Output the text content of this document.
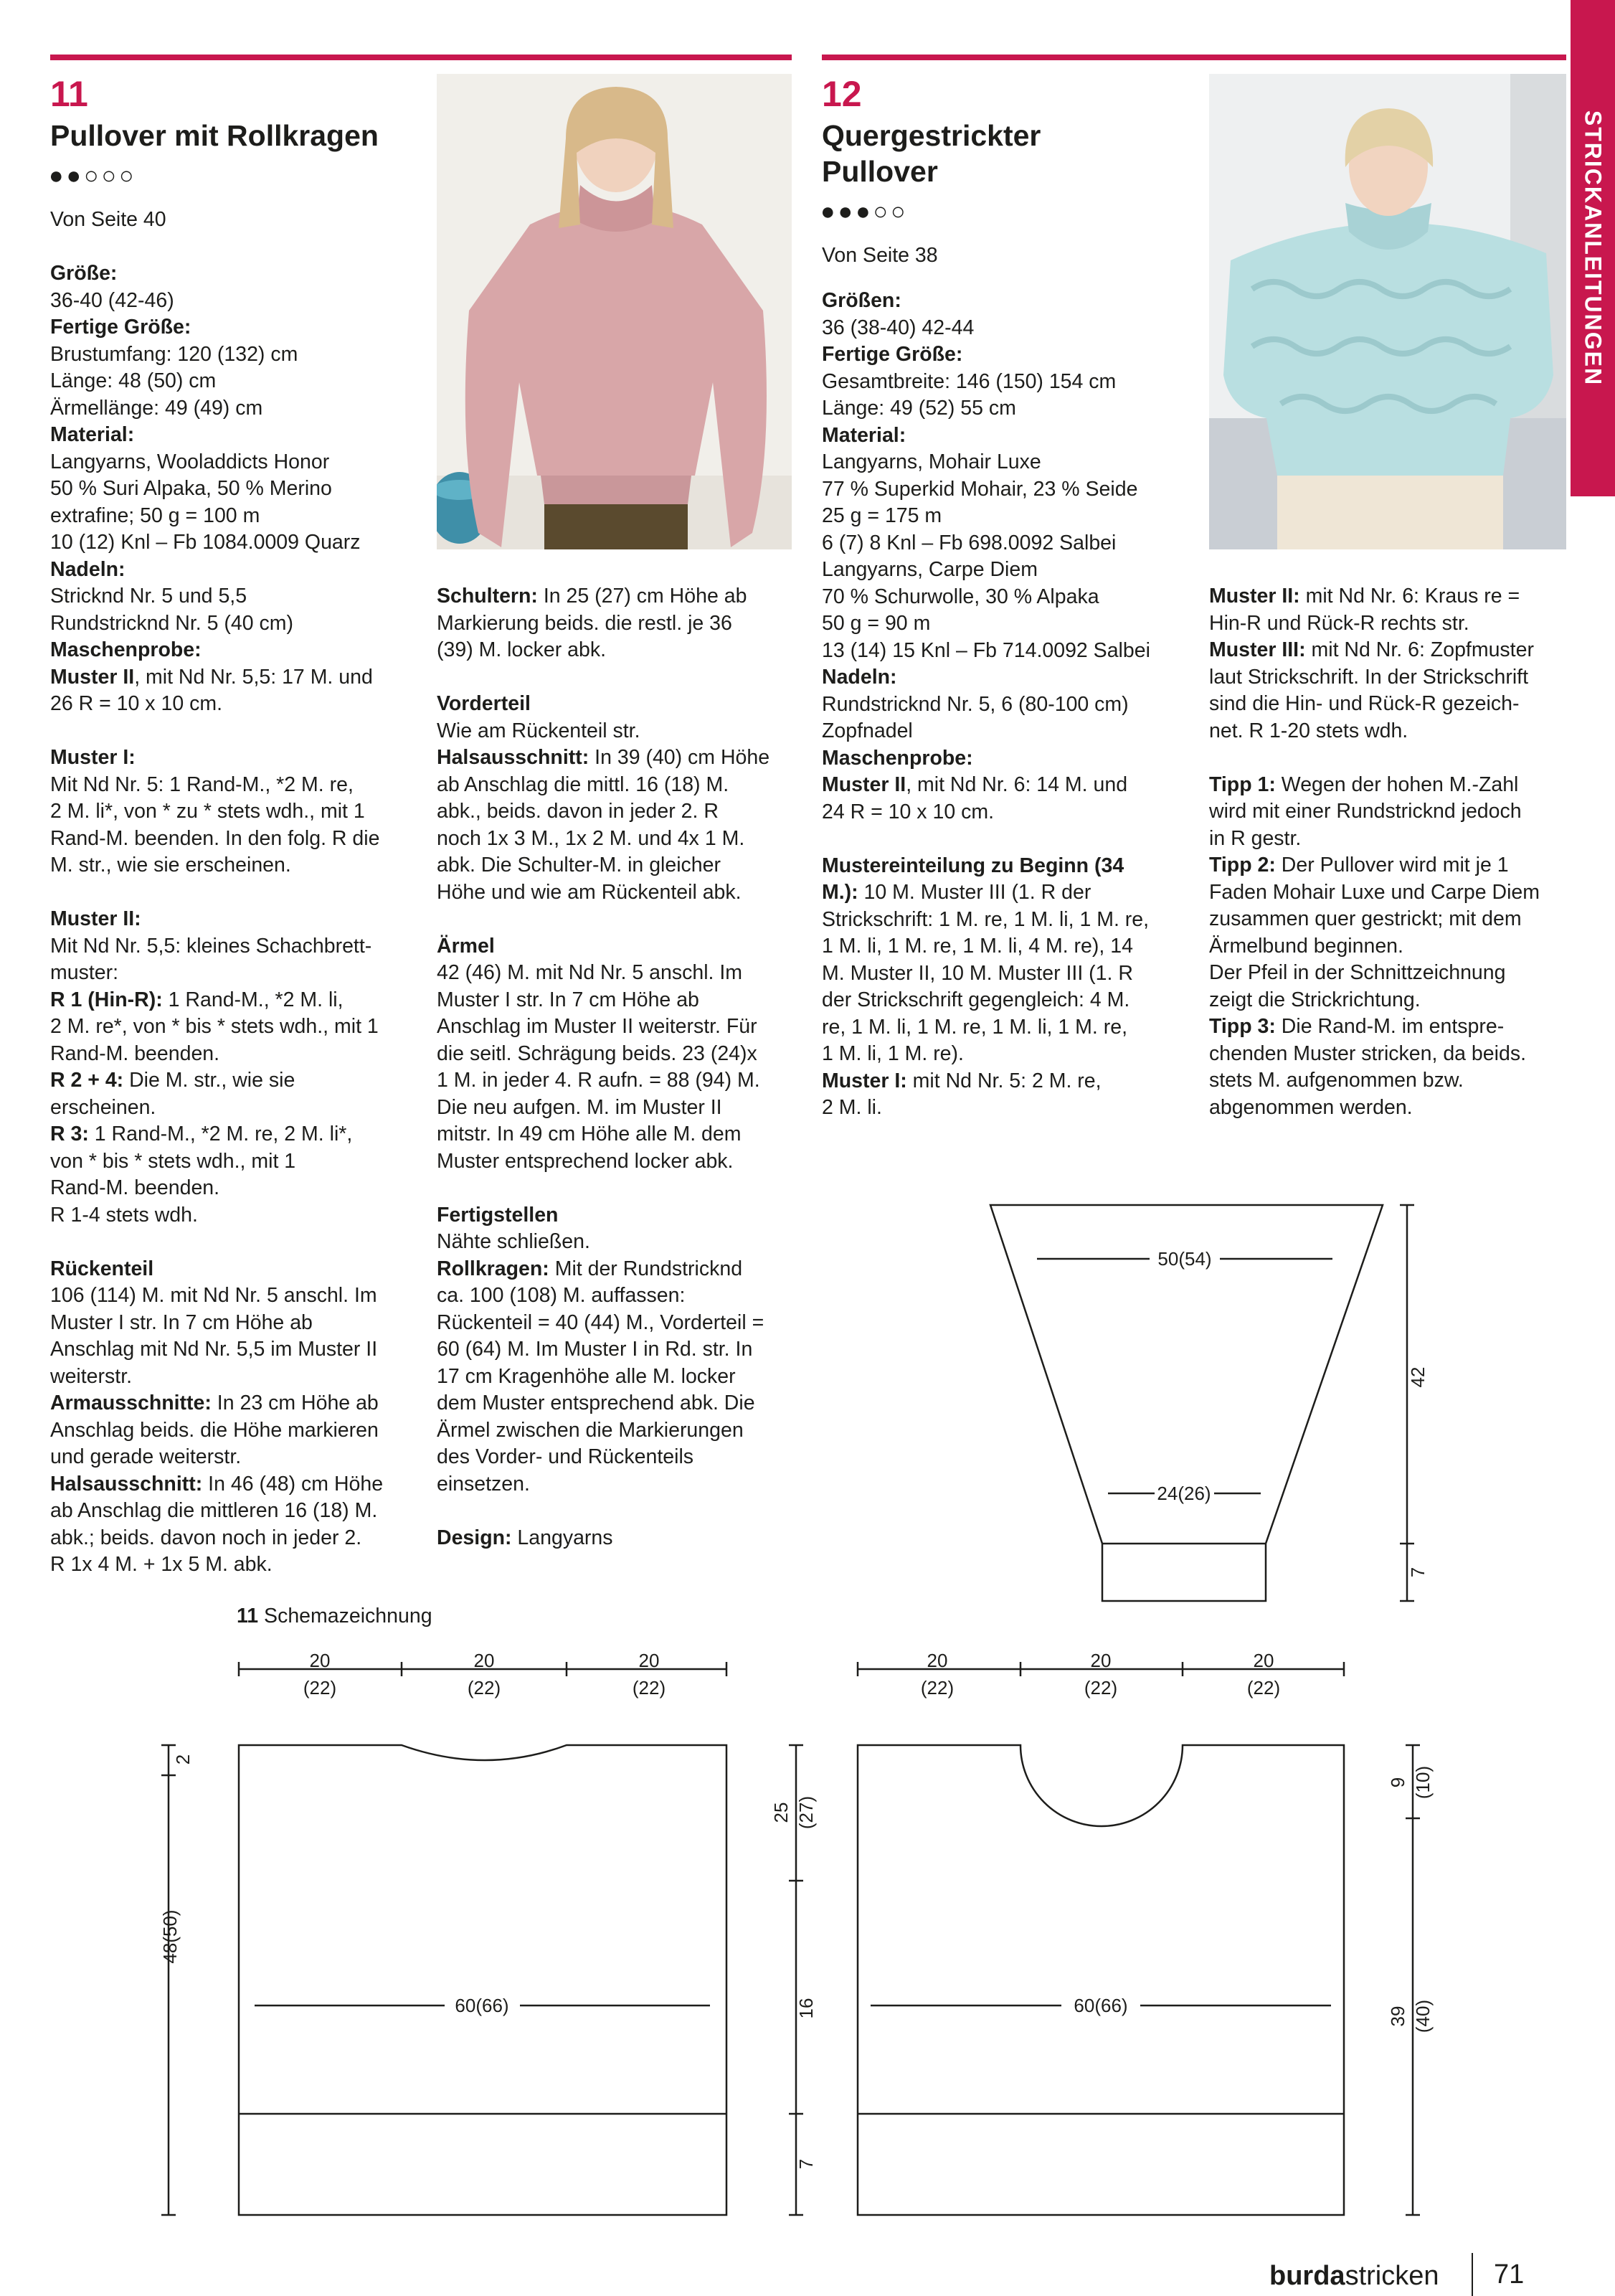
STRICKANLEITUNGEN
11
Pullover mit Rollkragen
●●○○○
Von Seite 40
Größe:
36-40 (42-46)
Fertige Größe:
Brustumfang: 120 (132) cm
Länge: 48 (50) cm
Ärmellänge: 49 (49) cm
Material:
Langyarns, Wooladdicts Honor
50 % Suri Alpaka, 50 % Merino
extrafine; 50 g = 100 m
10 (12) Knl – Fb 1084.0009 Quarz
Nadeln:
Stricknd Nr. 5 und 5,5
Rundstricknd Nr. 5 (40 cm)
Maschenprobe:
Muster II, mit Nd Nr. 5,5: 17 M. und
26 R = 10 x 10 cm.
Muster I:
Mit Nd Nr. 5: 1 Rand-M., *2 M. re,
2 M. li*, von * zu * stets wdh., mit 1
Rand-M. beenden. In den folg. R die
M. str., wie sie erscheinen.
Muster II:
Mit Nd Nr. 5,5: kleines Schachbrett-
muster:
R 1 (Hin-R): 1 Rand-M., *2 M. li,
2 M. re*, von * bis * stets wdh., mit 1
Rand-M. beenden.
R 2 + 4: Die M. str., wie sie
erscheinen.
R 3: 1 Rand-M., *2 M. re, 2 M. li*,
von * bis * stets wdh., mit 1
Rand-M. beenden.
R 1-4 stets wdh.
Rückenteil
106 (114) M. mit Nd Nr. 5 anschl. Im
Muster I str. In 7 cm Höhe ab
Anschlag mit Nd Nr. 5,5 im Muster II
weiterstr.
Armausschnitte: In 23 cm Höhe ab
Anschlag beids. die Höhe markieren
und gerade weiterstr.
Halsausschnitt: In 46 (48) cm Höhe
ab Anschlag die mittleren 16 (18) M.
abk.; beids. davon noch in jeder 2.
R 1x 4 M. + 1x 5 M. abk.
Schultern: In 25 (27) cm Höhe ab
Markierung beids. die restl. je 36
(39) M. locker abk.
Vorderteil
Wie am Rückenteil str.
Halsausschnitt: In 39 (40) cm Höhe
ab Anschlag die mittl. 16 (18) M.
abk., beids. davon in jeder 2. R
noch 1x 3 M., 1x 2 M. und 4x 1 M.
abk. Die Schulter-M. in gleicher
Höhe und wie am Rückenteil abk.
Ärmel
42 (46) M. mit Nd Nr. 5 anschl. Im
Muster I str. In 7 cm Höhe ab
Anschlag im Muster II weiterstr. Für
die seitl. Schrägung beids. 23 (24)x
1 M. in jeder 4. R aufn. = 88 (94) M.
Die neu aufgen. M. im Muster II
mitstr. In 49 cm Höhe alle M. dem
Muster entsprechend locker abk.
Fertigstellen
Nähte schließen.
Rollkragen: Mit der Rundstricknd
ca. 100 (108) M. auffassen:
Rückenteil = 40 (44) M., Vorderteil =
60 (64) M. Im Muster I in Rd. str. In
17 cm Kragenhöhe alle M. locker
dem Muster entsprechend abk. Die
Ärmel zwischen die Markierungen
des Vorder- und Rückenteils
einsetzen.
Design: Langyarns
12
Quergestrickter
Pullover
●●●○○
Von Seite 38
Größen:
36 (38-40) 42-44
Fertige Größe:
Gesamtbreite: 146 (150) 154 cm
Länge: 49 (52) 55 cm
Material:
Langyarns, Mohair Luxe
77 % Superkid Mohair, 23 % Seide
25 g = 175 m
6 (7) 8 Knl – Fb 698.0092 Salbei
Langyarns, Carpe Diem
70 % Schurwolle, 30 % Alpaka
50 g = 90 m
13 (14) 15 Knl – Fb 714.0092 Salbei
Nadeln:
Rundstricknd Nr. 5, 6 (80-100 cm)
Zopfnadel
Maschenprobe:
Muster II, mit Nd Nr. 6: 14 M. und
24 R = 10 x 10 cm.
Mustereinteilung zu Beginn (34
M.): 10 M. Muster III (1. R der
Strickschrift: 1 M. re, 1 M. li, 1 M. re,
1 M. li, 1 M. re, 1 M. li, 4 M. re), 14
M. Muster II, 10 M. Muster III (1. R
der Strickschrift gegengleich: 4 M.
re, 1 M. li, 1 M. re, 1 M. li, 1 M. re,
1 M. li, 1 M. re).
Muster I: mit Nd Nr. 5: 2 M. re,
2 M. li.
Muster II: mit Nd Nr. 6: Kraus re =
Hin-R und Rück-R rechts str.
Muster III: mit Nd Nr. 6: Zopfmuster
laut Strickschrift. In der Strickschrift
sind die Hin- und Rück-R gezeich-
net. R 1-20 stets wdh.
Tipp 1: Wegen der hohen M.-Zahl
wird mit einer Rundstricknd jedoch
in R gestr.
Tipp 2: Der Pullover wird mit je 1
Faden Mohair Luxe und Carpe Diem
zusammen quer gestrickt; mit dem
Ärmelbund beginnen.
Der Pfeil in der Schnittzeichnung
zeigt die Strickrichtung.
Tipp 3: Die Rand-M. im entspre-
chenden Muster stricken, da beids.
stets M. aufgenommen bzw.
abgenommen werden.
11 Schemazeichnung
20
(22)
20
(22)
20
(22)
60(66)
48(50)
2
25 (27)
16
7
20
(22)
20
(22)
20
(22)
60(66)
9 (10)
39 (40)
50(54)
24(26)
42
7
burdastricken 71
